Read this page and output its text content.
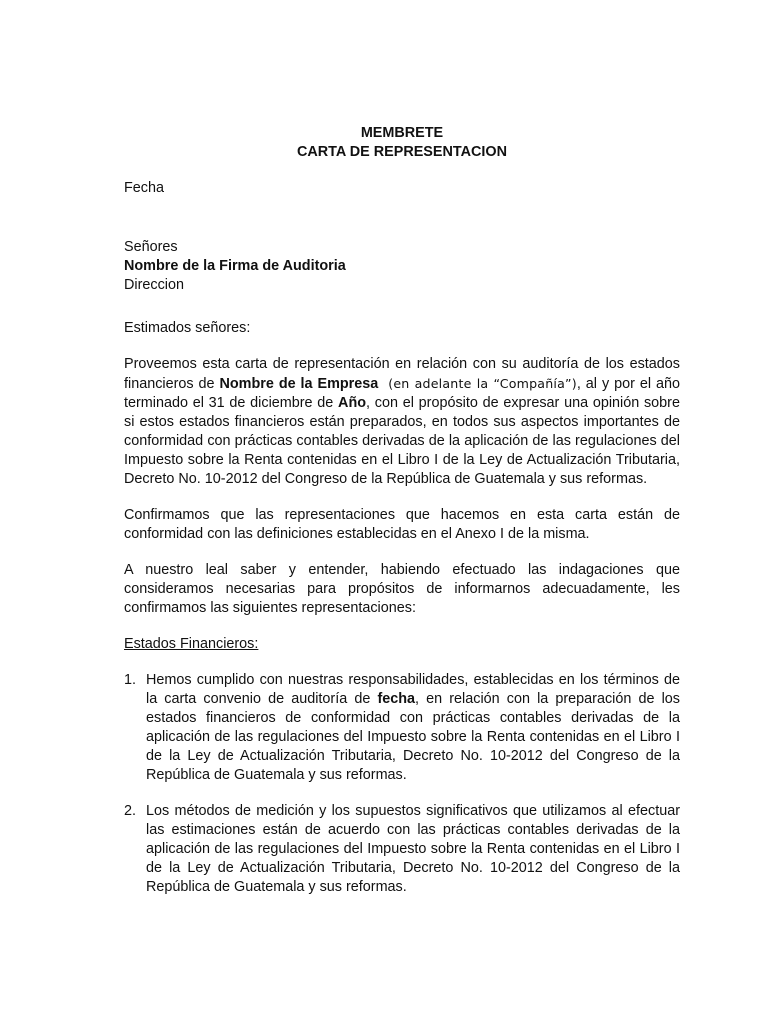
MEMBRETE
CARTA DE REPRESENTACION

Fecha

Señores

Nombre de la Firma de Auditoria

Direccion

Estimados señores:

Proveemos esta carta de representación en relación con su auditoría de los estados financieros de Nombre de la Empresa (en adelante la “Compañía”), al y por el año terminado el 31 de diciembre de Año, con el propósito de expresar una opinión sobre si estos estados financieros están preparados, en todos sus aspectos importantes de conformidad con prácticas contables derivadas de la aplicación de las regulaciones del Impuesto sobre la Renta contenidas en el Libro I de la Ley de Actualización Tributaria, Decreto No. 10-2012 del Congreso de la República de Guatemala y sus reformas.

Confirmamos que las representaciones que hacemos en esta carta están de conformidad con las definiciones establecidas en el Anexo I de la misma.

A nuestro leal saber y entender, habiendo efectuado las indagaciones que consideramos necesarias para propósitos de informarnos adecuadamente, les confirmamos las siguientes representaciones:

Estados Financieros:

1. Hemos cumplido con nuestras responsabilidades, establecidas en los términos de la carta convenio de auditoría de fecha, en relación con la preparación de los estados financieros de conformidad con prácticas contables derivadas de la aplicación de las regulaciones del Impuesto sobre la Renta contenidas en el Libro I de la Ley de Actualización Tributaria, Decreto No. 10-2012 del Congreso de la República de Guatemala y sus reformas.
2. Los métodos de medición y los supuestos significativos que utilizamos al efectuar las estimaciones están de acuerdo con las prácticas contables derivadas de la aplicación de las regulaciones del Impuesto sobre la Renta contenidas en el Libro I de la Ley de Actualización Tributaria, Decreto No. 10-2012 del Congreso de la República de Guatemala y sus reformas.
